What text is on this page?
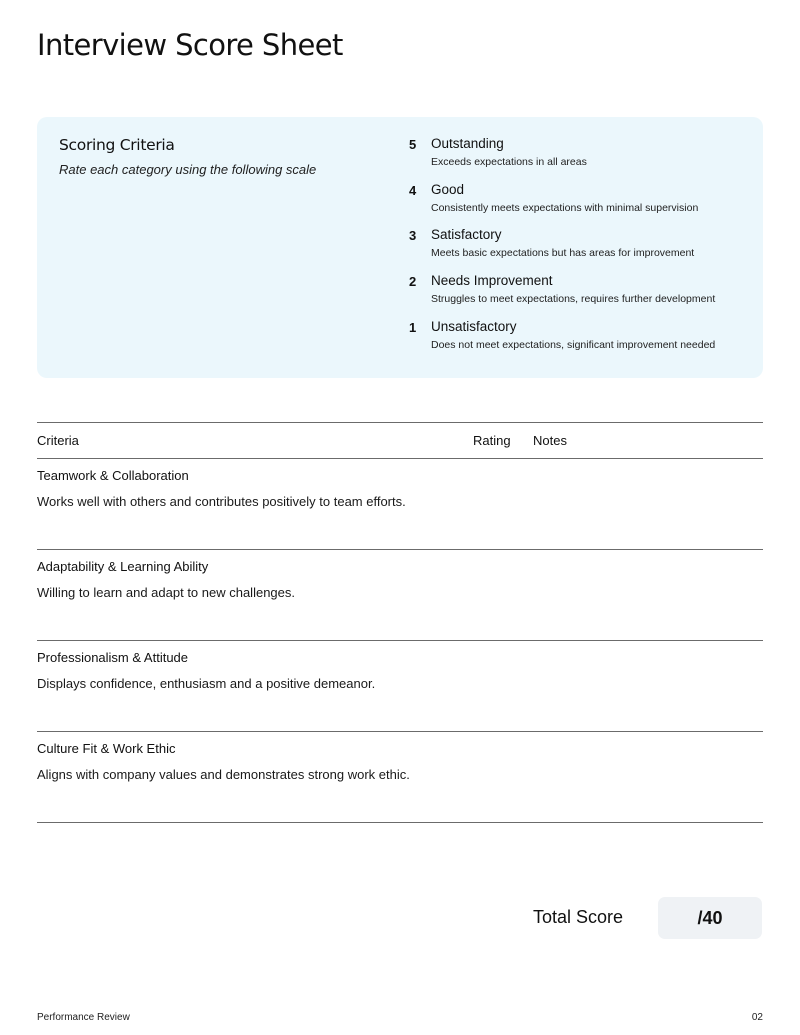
Interview Score Sheet
Scoring Criteria
Rate each category using the following scale
5 Outstanding
Exceeds expectations in all areas
4 Good
Consistently meets expectations with minimal supervision
3 Satisfactory
Meets basic expectations but has areas for improvement
2 Needs Improvement
Struggles to meet expectations, requires further development
1 Unsatisfactory
Does not meet expectations, significant improvement needed
Criteria	Rating Notes
Teamwork & Collaboration
Works well with others and contributes positively to team efforts.
Adaptability & Learning Ability
Willing to learn and adapt to new challenges.
Professionalism & Attitude
Displays confidence, enthusiasm and a positive demeanor.
Culture Fit & Work Ethic
Aligns with company values and demonstrates strong work ethic.
Total Score	/40
Performance Review	02
